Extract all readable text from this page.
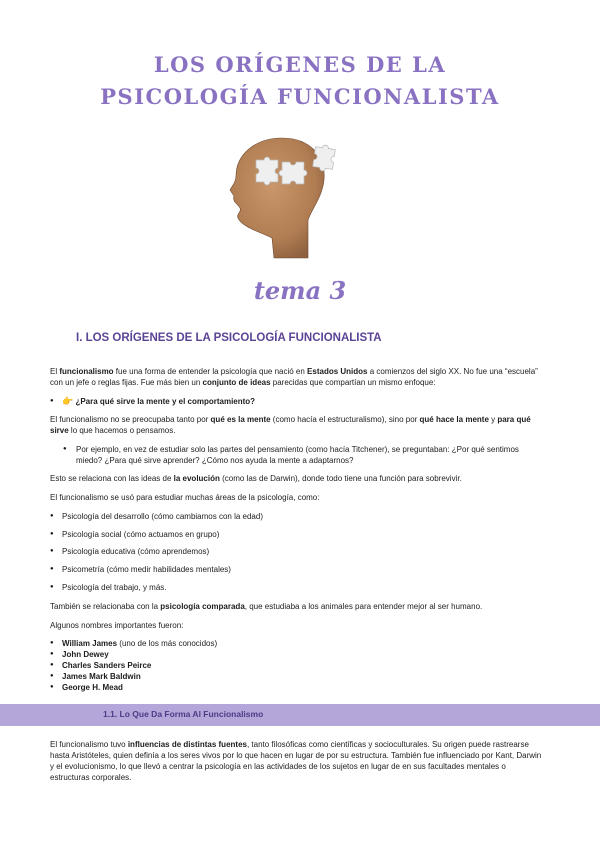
LOS ORÍGENES DE LA
PSICOLOGÍA FUNCIONALISTA
tema 3
I. LOS ORÍGENES DE LA PSICOLOGÍA FUNCIONALISTA
El funcionalismo fue una forma de entender la psicología que nació en Estados Unidos a comienzos del siglo XX. No fue una “escuela” con un jefe o reglas fijas. Fue más bien un conjunto de ideas parecidas que compartían un mismo enfoque:
● 👉 ¿Para qué sirve la mente y el comportamiento?
El funcionalismo no se preocupaba tanto por qué es la mente (como hacía el estructuralismo), sino por qué hace la mente y para qué sirve lo que hacemos o pensamos.
● Por ejemplo, en vez de estudiar solo las partes del pensamiento (como hacía Titchener), se preguntaban: ¿Por qué sentimos miedo? ¿Para qué sirve aprender? ¿Cómo nos ayuda la mente a adaptarnos?
Esto se relaciona con las ideas de la evolución (como las de Darwin), donde todo tiene una función para sobrevivir.
El funcionalismo se usó para estudiar muchas áreas de la psicología, como:
● Psicología del desarrollo (cómo cambiamos con la edad)
● Psicología social (cómo actuamos en grupo)
● Psicología educativa (cómo aprendemos)
● Psicometría (cómo medir habilidades mentales)
● Psicología del trabajo, y más.
También se relacionaba con la psicología comparada, que estudiaba a los animales para entender mejor al ser humano.
Algunos nombres importantes fueron:
● William James (uno de los más conocidos)
● John Dewey
● Charles Sanders Peirce
● James Mark Baldwin
● George H. Mead
1.1. Lo Que Da Forma Al Funcionalismo
El funcionalismo tuvo influencias de distintas fuentes, tanto filosóficas como científicas y socioculturales. Su origen puede rastrearse hasta Aristóteles, quien definía a los seres vivos por lo que hacen en lugar de por su estructura. También fue influenciado por Kant, Darwin y el evolucionismo, lo que llevó a centrar la psicología en las actividades de los sujetos en lugar de en sus facultades mentales o estructuras corporales.
